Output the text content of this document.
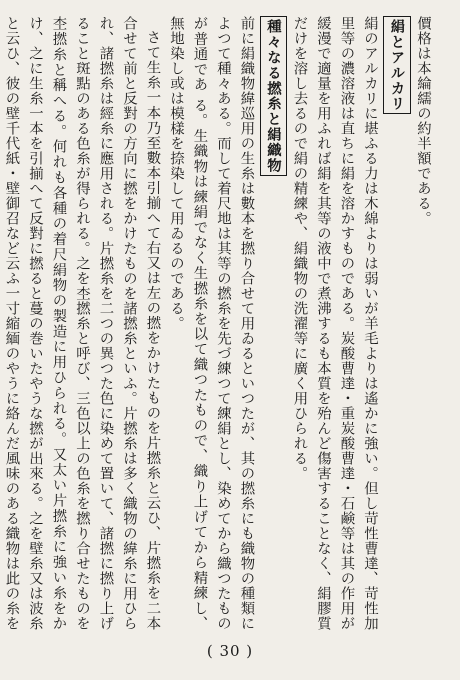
價格は本綸繻の約半額である。
絹とアルカリ
絹のアルカリに堪ふる力は木綿よりは弱いが羊毛よりは遙かに強い。但し苛性曹達、苛性加里等の濃溶液は直ちに絹を溶かすものである。炭酸曹達・重炭酸曹達・石鹸等は其の作用が緩漫で適量を用ふれば絹を其等の液中で煮沸するも本質を殆んど傷害することなく、絹膠質だけを溶し去るので絹の精練や、絹織物の洗濯等に廣く用ひられる。
種々なる撚糸と絹織物
前に絹織物緯巡用の生糸は數本を撚り合せて用ゐるといつたが、其の撚糸にも織物の種類によつて種々ある。而して着尺地は其等の撚糸を先づ練つて練絹とし、染めてから織つたものが普通であ る。生織物は練絹でなく生撚糸を以て織つたもので、織り上げてから精練し、無地染し或は模樣を捺染して用ゐるのである。
さて生糸一本乃至數本引揃へて右又は左の撚をかけたものを片撚糸と云ひ、片撚糸を二本合せて前と反對の方向に撚をかけたものを諸撚糸といふ。片撚糸は多く織物の緯糸に用ひられ、諸撚糸は經糸に應用される。片撚糸を二つの異つた色に染めて置いて、諸撚に撚り上げること斑點のある色糸が得られる。之を杢撚糸と呼び、三色以上の色糸を撚り合せたものを杢撚糸と稱へる。何れも各種の着尺絹物の製造に用ひられる。又太い片撚糸に強い糸をかけ、之に生糸一本を引揃へて反對に撚ると蔓の巻いたやうな撚が出來る。之を壁糸又は波糸と云ひ、彼の壁千代紙・壁御召など云ふ一寸縮緬のやうに絡んだ風味のある織物は此の糸を
( 30 )
